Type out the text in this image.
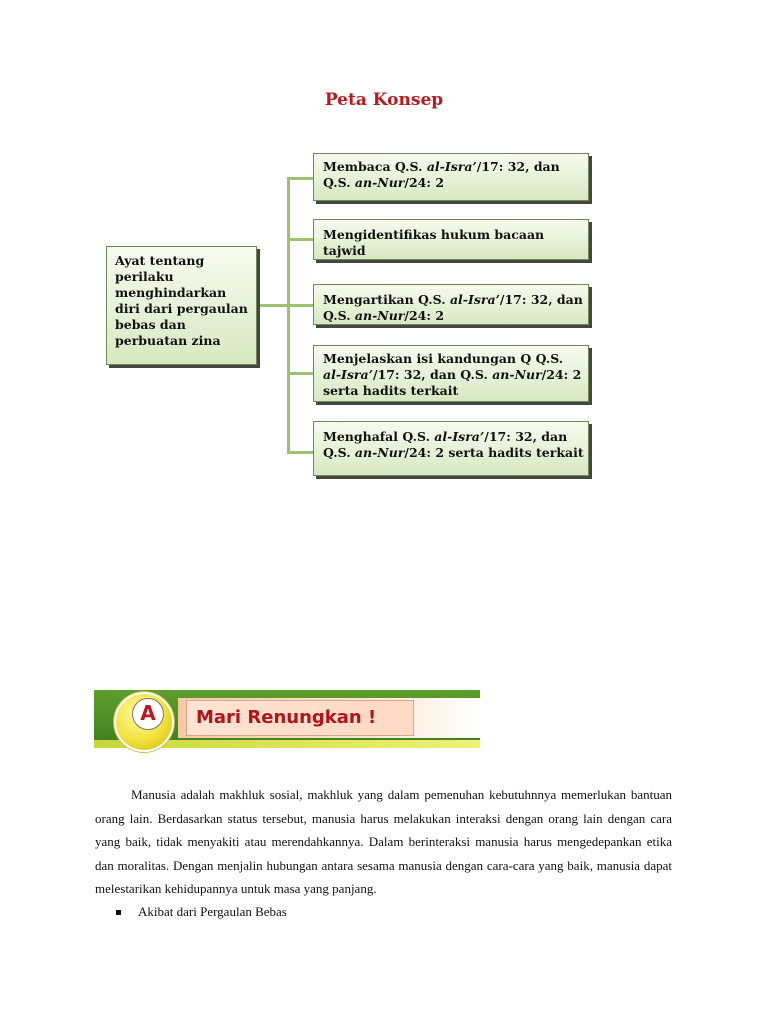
Peta Konsep
Ayat tentang
perilaku
menghindarkan
diri dari pergaulan
bebas dan
perbuatan zina
Membaca Q.S. al-Isra’/17: 32, dan
Q.S. an-Nur/24: 2
Mengidentifikas hukum bacaan
tajwid
Mengartikan Q.S. al-Isra’/17: 32, dan
Q.S. an-Nur/24: 2
Menjelaskan isi kandungan Q Q.S.
al-Isra’/17: 32, dan Q.S. an-Nur/24: 2
serta hadits terkait
Menghafal Q.S. al-Isra’/17: 32, dan
Q.S. an-Nur/24: 2 serta hadits terkait
A	Mari Renungkan !
Manusia adalah makhluk sosial, makhluk yang dalam pemenuhan kebutuhnnya memerlukan bantuan orang lain. Berdasarkan status tersebut, manusia harus melakukan interaksi dengan orang lain dengan cara yang baik, tidak menyakiti atau merendahkannya. Dalam berinteraksi manusia harus mengedepankan etika dan moralitas. Dengan menjalin hubungan antara sesama manusia dengan cara-cara yang baik, manusia dapat melestarikan kehidupannya untuk masa yang panjang.
Akibat dari Pergaulan Bebas
